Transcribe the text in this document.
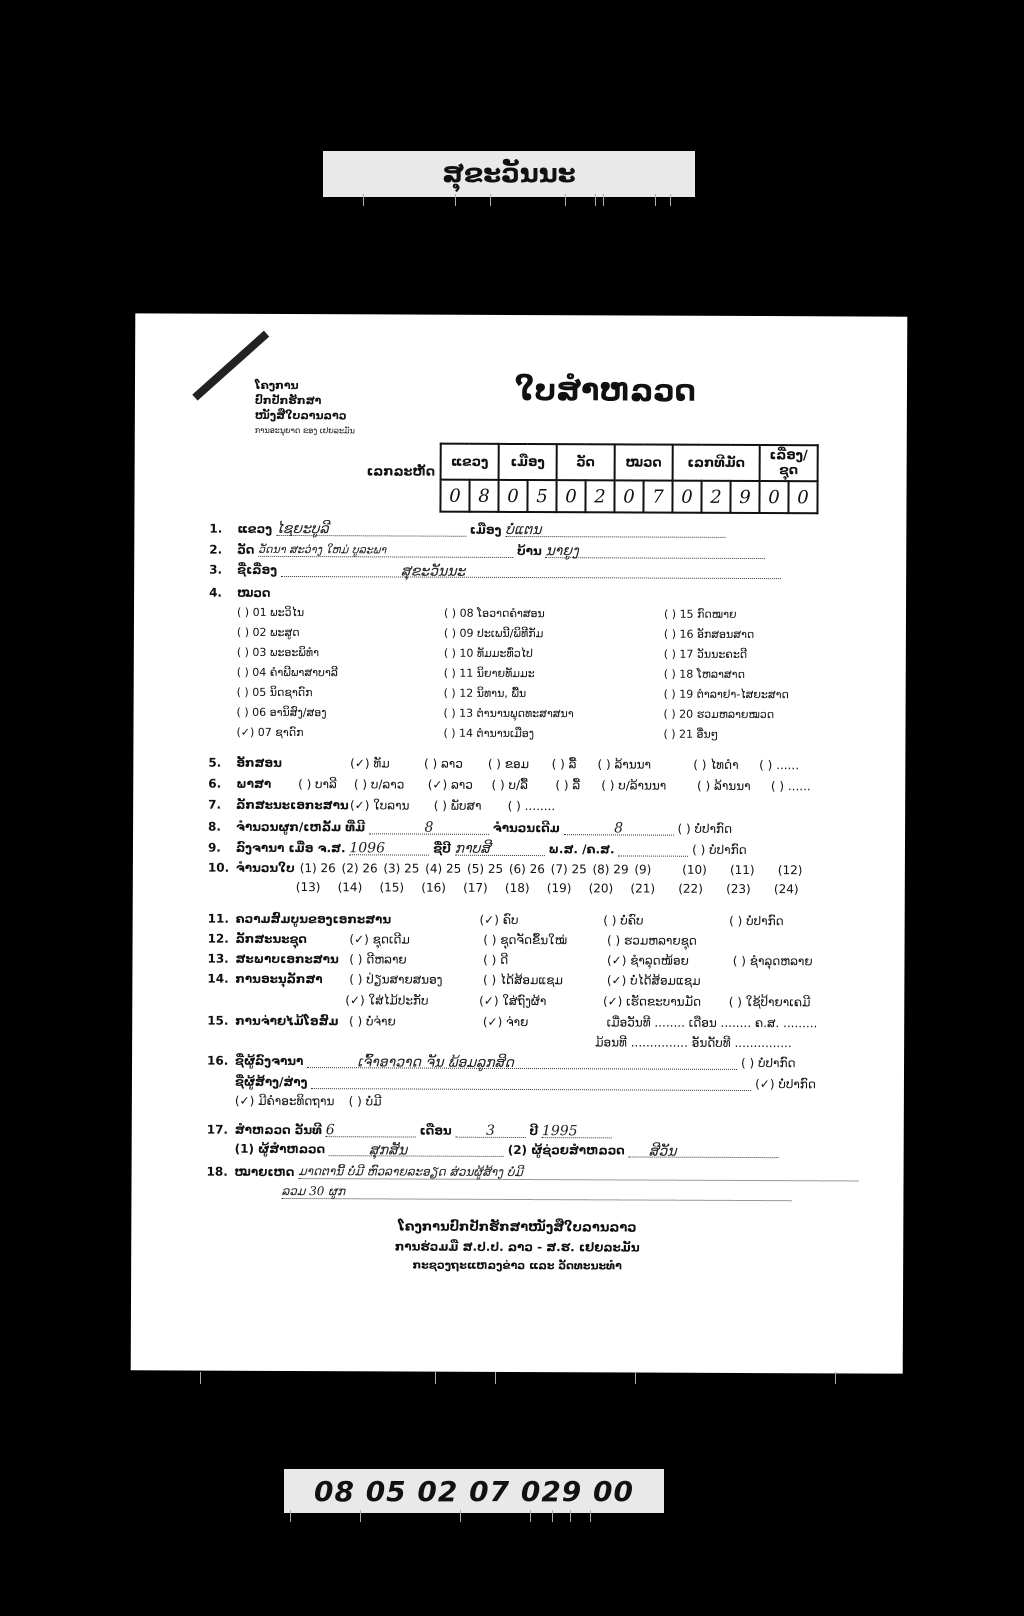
ສຸຂະວັນນະ
ໂຄງການ
ປົກປັກຮັກສາ
ໜັງສືໃບລານລາວ
ການອະນຸຍາດ ຂອງ ເຢຍລະມັນ
ໃບສຳຫລວດ
ເລກລະຫັດ
ແຂວງ		ເມືອງ		ວັດ		ໝວດ		ເລກທີມັດ			ເລື່ອງ/ຊຸດ	
0	8	0	5	0	2	0	7	0	2	9	0	0
1. ແຂວງ ໄຊຍະບູລີ	ເມືອງ ບໍ່ແຕນ
2. ວັດ ວັດນາ ສະວ່າງ ໃຫມ່ ບູລະພາ	ບ້ານ ນາຍູງ
3. ຊື່ເລື່ອງ	ສຸຂະວັນນະ
4. ໝວດ
( ) 01 ພະວິໄນ
( ) 02 ພະສູດ
( ) 03 ພະອະພິທຳ
( ) 04 ຄຳພີພາສາບາລີ
( ) 05 ນິດຊາດົກ
( ) 06 ອານິສົງ/ສອງ
(✓) 07 ຊາດົກ
( ) 08 ໂອວາດຄຳສອນ
( ) 09 ປະເພນີ/ພິທີກັມ
( ) 10 ທັມມະທົ່ວໄປ
( ) 11 ນິຍາຍທັມມະ
( ) 12 ນິທານ, ພື້ນ
( ) 13 ຕຳນານພຸດທະສາສນາ
( ) 14 ຕຳນານເມືອງ
( ) 15 ກົດໝາຍ
( ) 16 ອັກສອນສາດ
( ) 17 ວັນນະຄະດີ
( ) 18 ໂຫລາສາດ
( ) 19 ຕຳລາຢາ-ໄສຍະສາດ
( ) 20 ຮວມຫລາຍໝວດ
( ) 21 ອື່ນໆ
5. ອັກສອນ	(✓) ທັມ	( ) ລາວ ( ) ຂອມ ( ) ລື້ ( ) ລ້ານນາ	( ) ໄທດຳ ( ) ......
6. ພາສາ ( ) ບາລີ ( ) ບ/ລາວ (✓) ລາວ ( ) ບ/ລື້ ( ) ລື້ ( ) ບ/ລ້ານນາ	( ) ລ້ານນາ ( ) ......
7. ລັກສະນະເອກະສານ (✓) ໃບລານ ( ) ພັບສາ ( ) ........
8. ຈຳນວນຜູກ/ເຫລັ້ມ ທີ່ມີ	8	ຈຳນວນເດີມ	8	( ) ບໍ່ປາກົດ
9. ລົງຈານາ ເມື່ອ ຈ.ສ. 1096	ຊື່ປີ ກາບສີ	ພ.ສ. /ຄ.ສ.	( ) ບໍ່ປາກົດ
10. ຈຳນວນໃບ (1) 26 (2) 26 (3) 25 (4) 25 (5) 25 (6) 26 (7) 25 (8) 29 (9)	(10) (11) (12)
(13) (14) (15) (16) (17) (18) (19) (20) (21) (22) (23) (24)
11. ຄວາມສົມບູນຂອງເອກະສານ	(✓) ຄົບ	( ) ບໍ່ຄົບ	( ) ບໍ່ປາກົດ
12. ລັກສະນະຊຸດ	(✓) ຊຸດເດີມ	( ) ຊຸດຈັດຂຶ້ນໃໝ່	( ) ຮວມຫລາຍຊຸດ
13. ສະພາບເອກະສານ ( ) ດີຫລາຍ	( ) ດີ	(✓) ຊຳລຸດໜ້ອຍ	( ) ຊຳລຸດຫລາຍ
14. ການອະນຸລັກສາ ( ) ປ່ຽນສາຍສນອງ	( ) ໄດ້ສ້ອມແຊມ	(✓) ບໍ່ໄດ້ສ້ອມແຊມ
(✓) ໃສ່ໄມ້ປະກັບ	(✓) ໃສ່ຖົງຜ້າ	(✓) ເຮັດຂະບານມັດ ( ) ໃຊ້ປ້າຍາເຄມີ
15. ການຈ່າຍໄມ້ໂອສົມ ( ) ບໍ່ຈ່າຍ	(✓) ຈ່າຍ	ເມື່ອວັນທີ ........ ເດືອນ ........ ຄ.ສ. .........
ມ້ອນທີ ............... ອັນດັບທີ ...............
16. ຊື່ຜູ້ລົງຈານາ	ເຈົ້າອາວາດ ຈັນ ພ້ອມລູກສິດ	( ) ບໍ່ປາກົດ
ຊື່ຜູ້ສ້າງ/ສ່າງ	(✓) ບໍ່ປາກົດ
(✓) ມີຄຳອະທິດຖານ ( ) ບໍ່ມີ
17. ສຳຫລວດ ວັນທີ 6	ເດືອນ 3	ປີ 1995
(1) ຜູ້ສຳຫລວດ	ສຸກສັນ	(2) ຜູ້ຊ່ວຍສຳຫລວດ ສີວັນ
18. ໝາຍເຫດ ມາດຕານີ້ ບໍ່ມີ ຫົວລາຍລະອຽດ ສ່ວນຜູ້ສ້າງ ບໍ່ມີ
ລວມ 30 ຜູກ
ໂຄງການປົກປັກຮັກສາໜັງສືໃບລານລາວ
ການຮ່ວມມື ສ.ປ.ປ. ລາວ - ສ.ຮ. ເຢຍລະມັນ
ກະຊວງຖະແຫລງຂ່າວ ແລະ ວັດທະນະທຳ
08 05 02 07 029 00
